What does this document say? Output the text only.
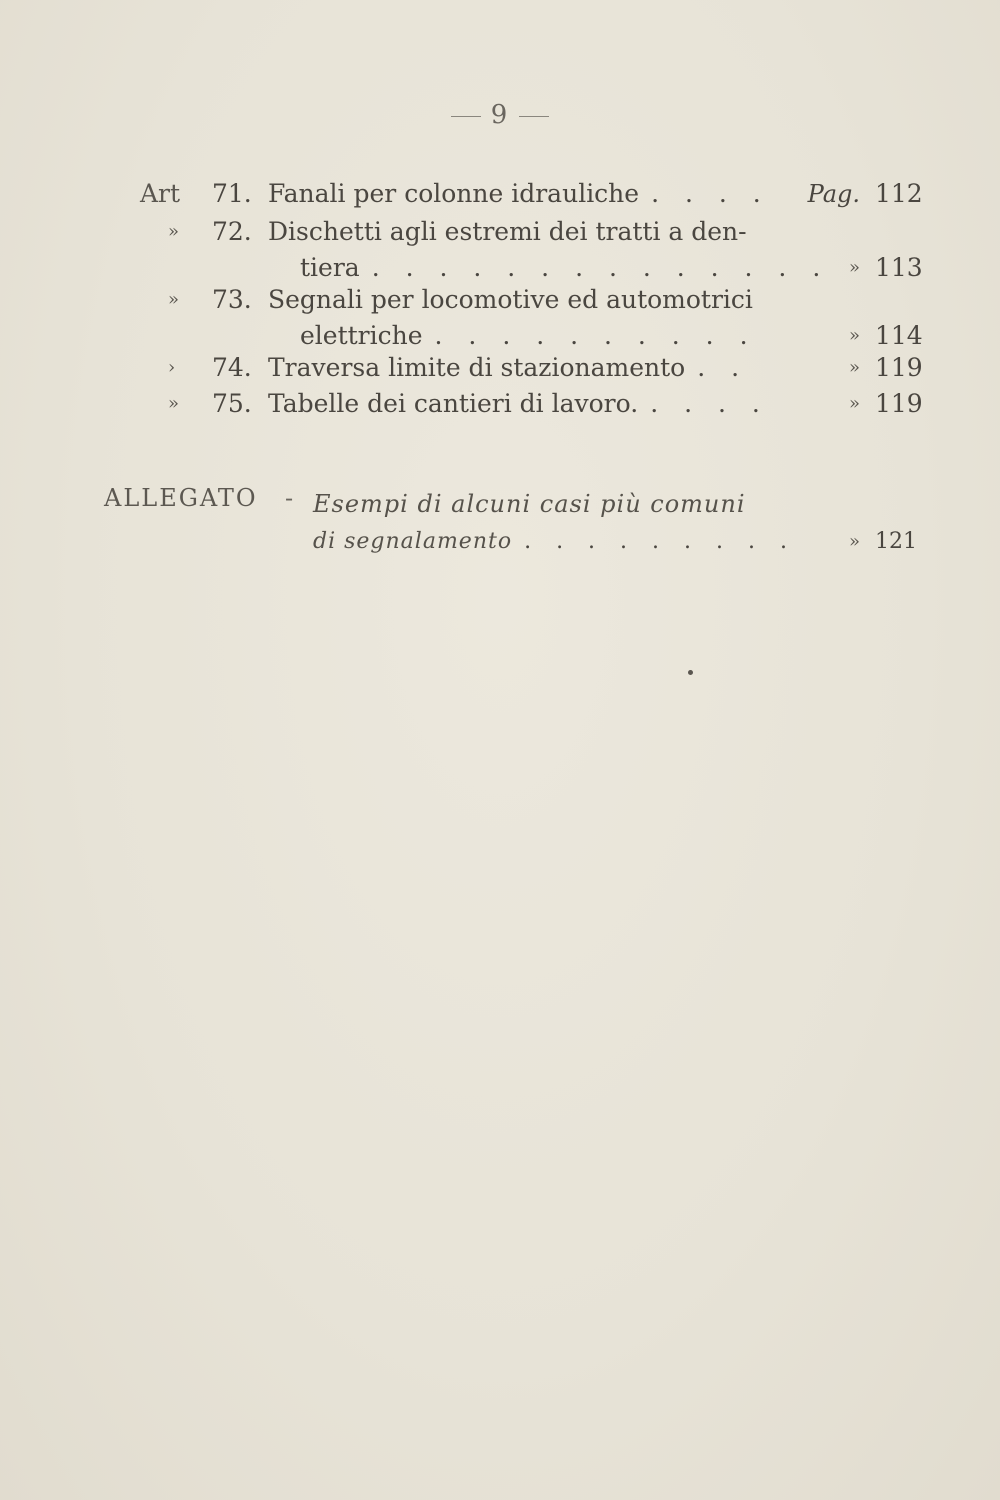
9
Art	71. Fanali per colonne idrauliche . . . .	Pag. 112
»	72. Dischetti agli estremi dei tratti a den-
tiera . . . . . . . . . . . . . .	» 113
»	73. Segnali per locomotive ed automotrici
elettriche . . . . . . . . . .	» 114
›	74. Traversa limite di stazionamento . .	» 119
»	75. Tabelle dei cantieri di lavoro. . . . .	» 119
ALLEGATO - Esempi di alcuni casi più comuni
di segnalamento . . . . . . . . .	» 121
